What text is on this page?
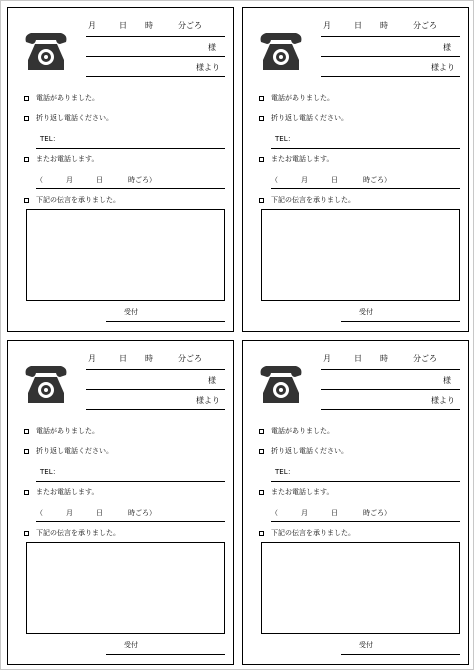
月	日 時	分ごろ
様
様より
電話がありました。
折り返し電話ください。
TEL：
またお電話します。
（	月	日	時ごろ）
下記の伝言を承りました。
受付
月	日 時	分ごろ
様
様より
電話がありました。
折り返し電話ください。
TEL：
またお電話します。
（	月	日	時ごろ）
下記の伝言を承りました。
受付
月	日 時	分ごろ
様
様より
電話がありました。
折り返し電話ください。
TEL：
またお電話します。
（	月	日	時ごろ）
下記の伝言を承りました。
受付
月	日 時	分ごろ
様
様より
電話がありました。
折り返し電話ください。
TEL：
またお電話します。
（	月	日	時ごろ）
下記の伝言を承りました。
受付
